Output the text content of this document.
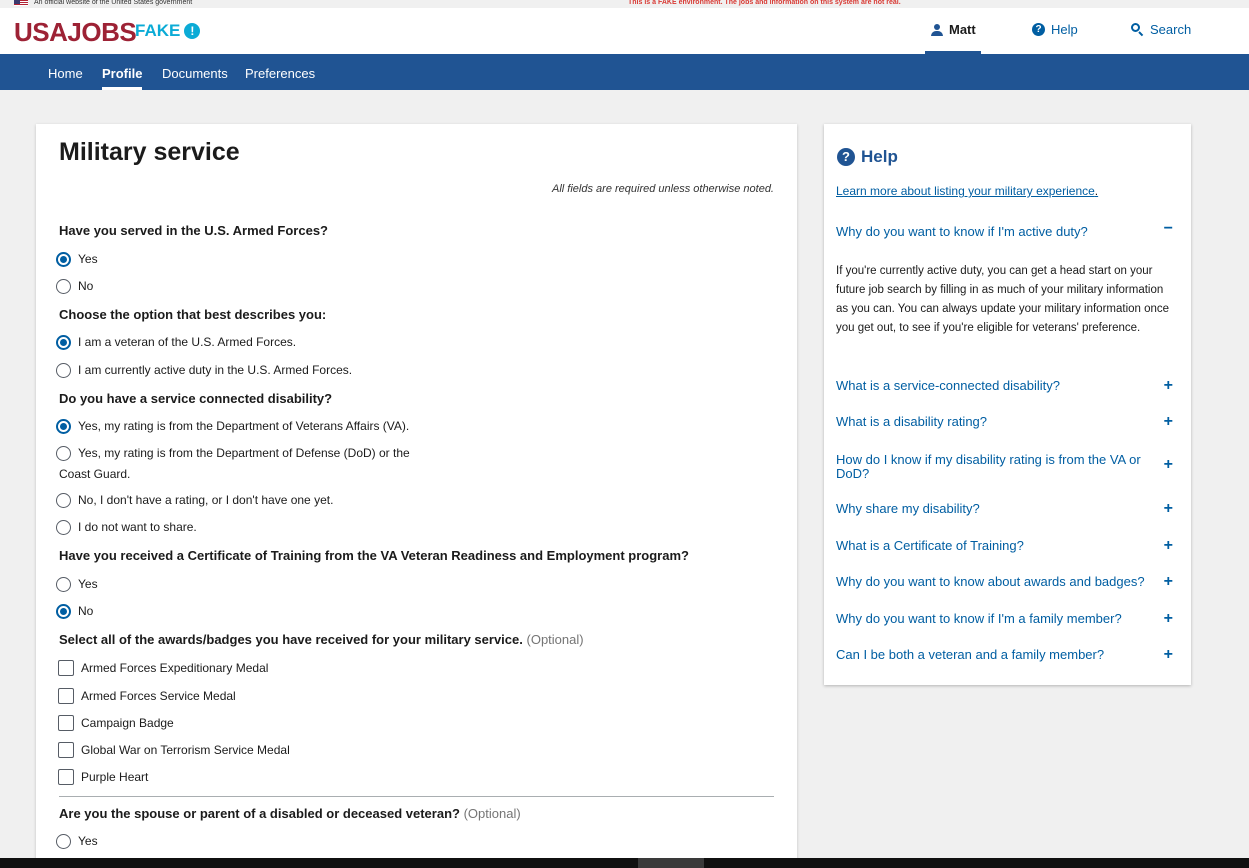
An official website of the United States government	This is a FAKE environment. The jobs and information on this system are not real.
USAJOBS
FAKE !	Matt	? Help	Search
Home Profile Documents Preferences
Military service
All fields are required unless otherwise noted.
Have you served in the U.S. Armed Forces?
Yes
No
Choose the option that best describes you:
I am a veteran of the U.S. Armed Forces.
I am currently active duty in the U.S. Armed Forces.
Do you have a service connected disability?
Yes, my rating is from the Department of Veterans Affairs (VA).
Yes, my rating is from the Department of Defense (DoD) or the
Coast Guard.
No, I don't have a rating, or I don't have one yet.
I do not want to share.
Have you received a Certificate of Training from the VA Veteran Readiness and Employment program?
Yes
No
Select all of the awards/badges you have received for your military service. (Optional)
Armed Forces Expeditionary Medal
Armed Forces Service Medal
Campaign Badge
Global War on Terrorism Service Medal
Purple Heart
Are you the spouse or parent of a disabled or deceased veteran? (Optional)
Yes
? Help
Learn more about listing your military experience.
Why do you want to know if I'm active duty?	−
If you're currently active duty, you can get a head start on your future job search by filling in as much of your military information as you can. You can always update your military information once you get out, to see if you're eligible for veterans' preference.
What is a service-connected disability?	+
What is a disability rating?	+
How do I know if my disability rating is from the VA or DoD?
+
Why share my disability?	+
What is a Certificate of Training?	+
Why do you want to know about awards and badges? +
Why do you want to know if I'm a family member?	+
Can I be both a veteran and a family member?	+
